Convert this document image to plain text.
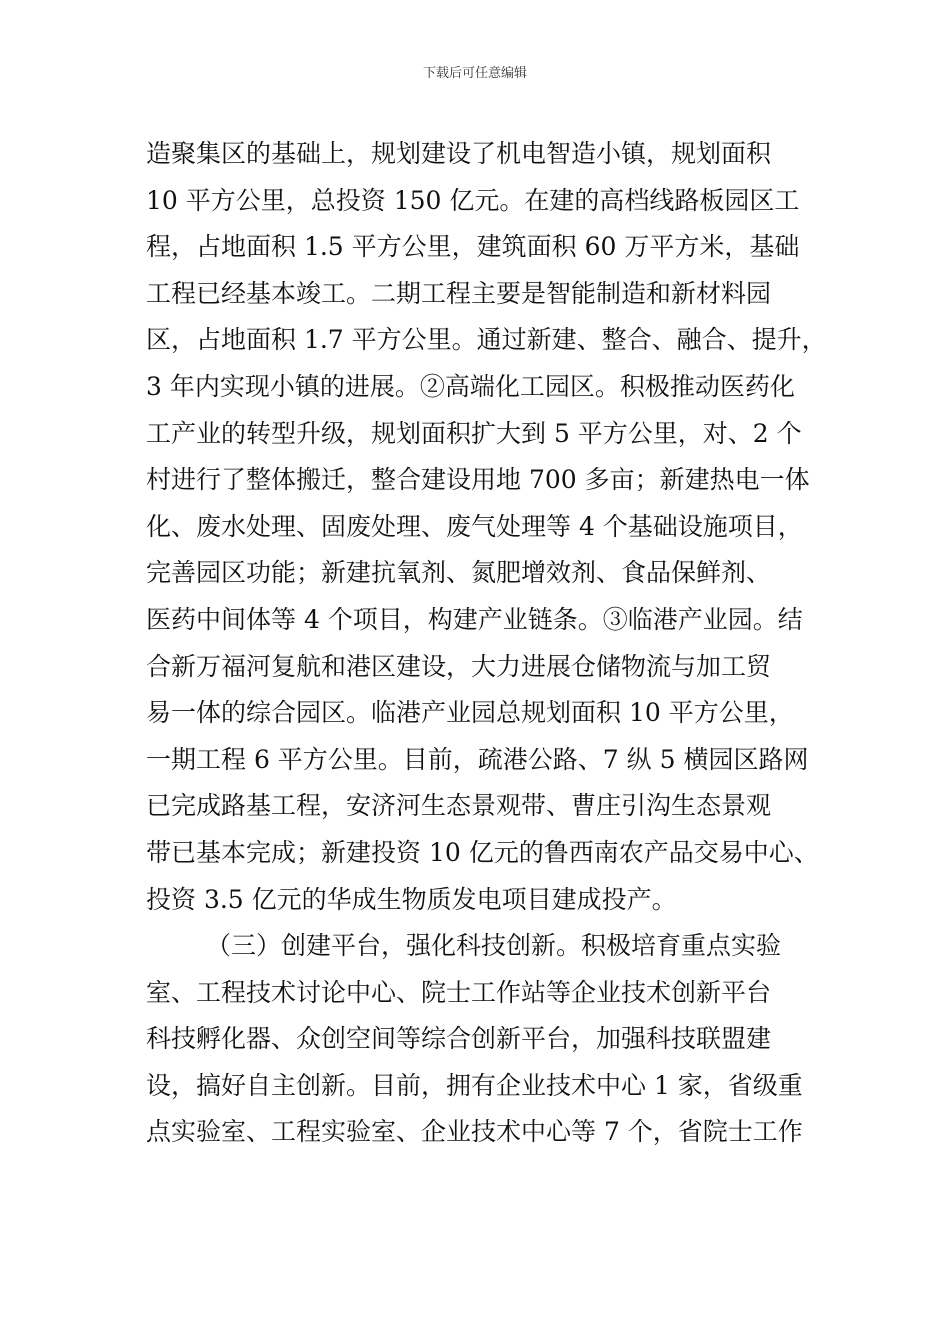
下载后可任意编辑
造聚集区的基础上，规划建设了机电智造小镇，规划面积
10 平方公里，总投资 150 亿元。在建的高档线路板园区工
程，占地面积 1.5 平方公里，建筑面积 60 万平方米，基础
工程已经基本竣工。二期工程主要是智能制造和新材料园
区，占地面积 1.7 平方公里。通过新建、整合、融合、提升，
3 年内实现小镇的进展。②高端化工园区。积极推动医药化
工产业的转型升级，规划面积扩大到 5 平方公里，对、2 个
村进行了整体搬迁，整合建设用地 700 多亩；新建热电一体
化、废水处理、固废处理、废气处理等 4 个基础设施项目，
完善园区功能；新建抗氧剂、氮肥增效剂、食品保鲜剂、
医药中间体等 4 个项目，构建产业链条。③临港产业园。结
合新万福河复航和港区建设，大力进展仓储物流与加工贸
易一体的综合园区。临港产业园总规划面积 10 平方公里，
一期工程 6 平方公里。目前，疏港公路、7 纵 5 横园区路网
已完成路基工程，安济河生态景观带、曹庄引沟生态景观
带已基本完成；新建投资 10 亿元的鲁西南农产品交易中心、
投资 3.5 亿元的华成生物质发电项目建成投产。
（三）创建平台，强化科技创新。积极培育重点实验
室、工程技术讨论中心、院士工作站等企业技术创新平台
科技孵化器、众创空间等综合创新平台，加强科技联盟建
设，搞好自主创新。目前，拥有企业技术中心 1 家，省级重
点实验室、工程实验室、企业技术中心等 7 个，省院士工作
